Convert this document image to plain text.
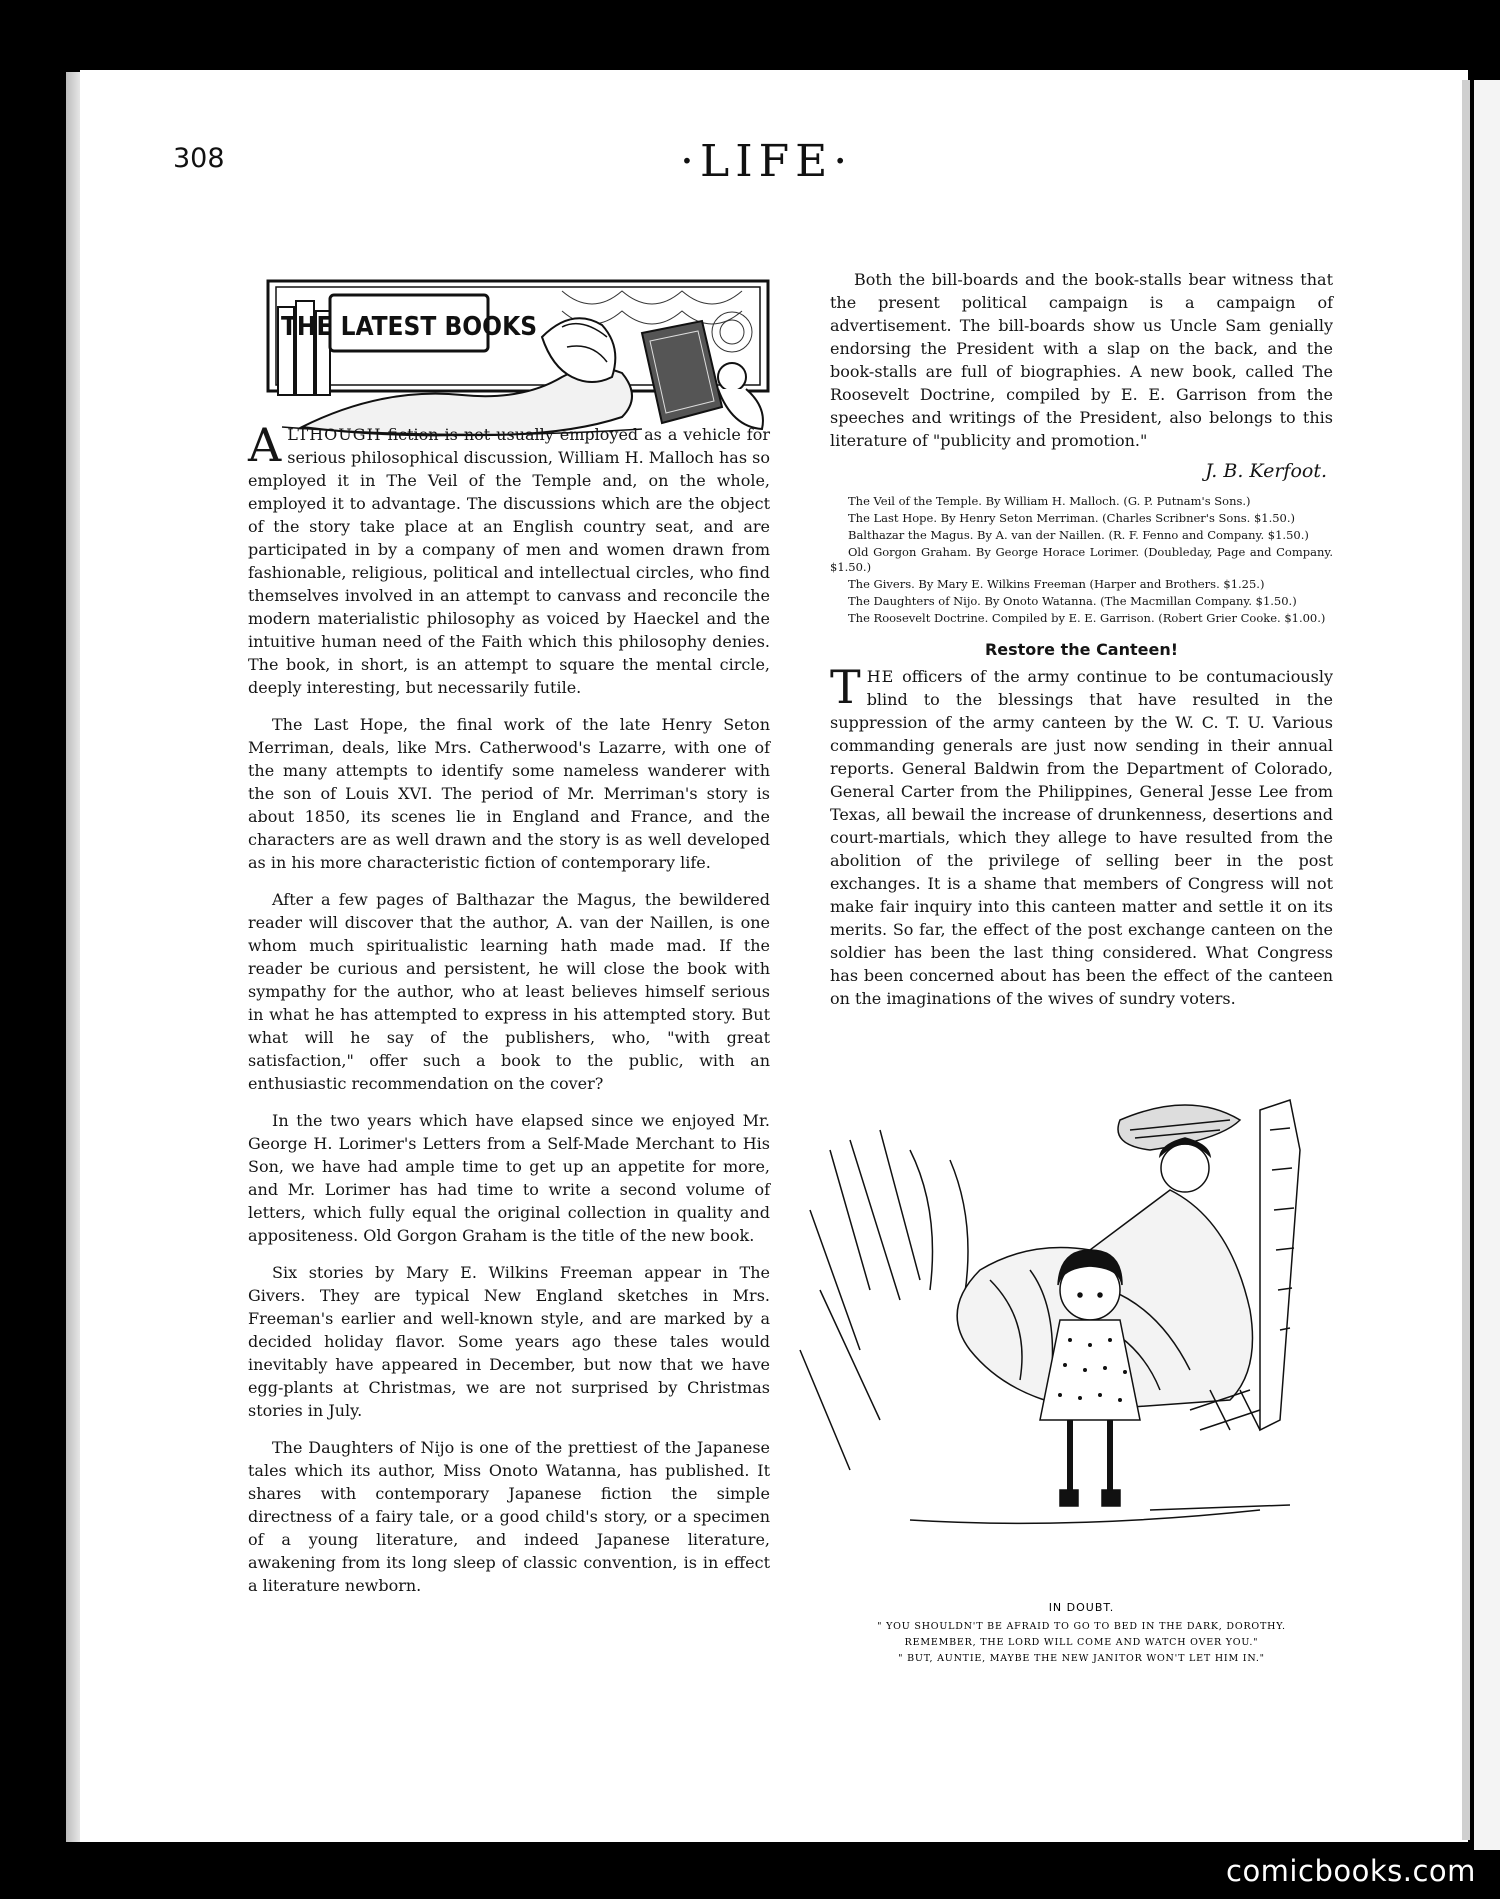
308	·LIFE·
THE LATEST BOOKS

ALTHOUGH fiction is not usually employed as a vehicle for serious philosophical discussion, William H. Malloch has so employed it in The Veil of the Temple and, on the whole, employed it to advantage. The discussions which are the object of the story take place at an English country seat, and are participated in by a company of men and women drawn from fashionable, religious, political and intellectual circles, who find themselves involved in an attempt to canvass and reconcile the modern materialistic philosophy as voiced by Haeckel and the intuitive human need of the Faith which this philosophy denies. The book, in short, is an attempt to square the mental circle, deeply interesting, but necessarily futile.

The Last Hope, the final work of the late Henry Seton Merriman, deals, like Mrs. Catherwood's Lazarre, with one of the many attempts to identify some nameless wanderer with the son of Louis XVI. The period of Mr. Merriman's story is about 1850, its scenes lie in England and France, and the characters are as well drawn and the story is as well developed as in his more characteristic fiction of contemporary life.

After a few pages of Balthazar the Magus, the bewildered reader will discover that the author, A. van der Naillen, is one whom much spiritualistic learning hath made mad. If the reader be curious and persistent, he will close the book with sympathy for the author, who at least believes himself serious in what he has attempted to express in his attempted story. But what will he say of the publishers, who, "with great satisfaction," offer such a book to the public, with an enthusiastic recommendation on the cover?

In the two years which have elapsed since we enjoyed Mr. George H. Lorimer's Letters from a Self-Made Merchant to His Son, we have had ample time to get up an appetite for more, and Mr. Lorimer has had time to write a second volume of letters, which fully equal the original collection in quality and appositeness. Old Gorgon Graham is the title of the new book.

Six stories by Mary E. Wilkins Freeman appear in The Givers. They are typical New England sketches in Mrs. Freeman's earlier and well-known style, and are marked by a decided holiday flavor. Some years ago these tales would inevitably have appeared in December, but now that we have egg-plants at Christmas, we are not surprised by Christmas stories in July.

The Daughters of Nijo is one of the prettiest of the Japanese tales which its author, Miss Onoto Watanna, has published. It shares with contemporary Japanese fiction the simple directness of a fairy tale, or a good child's story, or a specimen of a young literature, and indeed Japanese literature, awakening from its long sleep of classic convention, is in effect a literature newborn.

Both the bill-boards and the book-stalls bear witness that the present political campaign is a campaign of advertisement. The bill-boards show us Uncle Sam genially endorsing the President with a slap on the back, and the book-stalls are full of biographies. A new book, called The Roosevelt Doctrine, compiled by E. E. Garrison from the speeches and writings of the President, also belongs to this literature of "publicity and promotion."

J. B. Kerfoot.

The Veil of the Temple. By William H. Malloch. (G. P. Putnam's Sons.)

The Last Hope. By Henry Seton Merriman. (Charles Scribner's Sons. $1.50.)

Balthazar the Magus. By A. van der Naillen. (R. F. Fenno and Company. $1.50.)

Old Gorgon Graham. By George Horace Lorimer. (Doubleday, Page and Company. $1.50.)

The Givers. By Mary E. Wilkins Freeman (Harper and Brothers. $1.25.)

The Daughters of Nijo. By Onoto Watanna. (The Macmillan Company. $1.50.)

The Roosevelt Doctrine. Compiled by E. E. Garrison. (Robert Grier Cooke. $1.00.)

Restore the Canteen!

THE officers of the army continue to be contumaciously blind to the blessings that have resulted in the suppression of the army canteen by the W. C. T. U. Various commanding generals are just now sending in their annual reports. General Baldwin from the Department of Colorado, General Carter from the Philippines, General Jesse Lee from Texas, all bewail the increase of drunkenness, desertions and court-martials, which they allege to have resulted from the abolition of the privilege of selling beer in the post exchanges. It is a shame that members of Congress will not make fair inquiry into this canteen matter and settle it on its merits. So far, the effect of the post exchange canteen on the soldier has been the last thing considered. What Congress has been concerned about has been the effect of the canteen on the imaginations of the wives of sundry voters.

IN DOUBT.
" YOU SHOULDN'T BE AFRAID TO GO TO BED IN THE DARK, DOROTHY.
REMEMBER, THE LORD WILL COME AND WATCH OVER YOU."
" BUT, AUNTIE, MAYBE THE NEW JANITOR WON'T LET HIM IN."
comicbooks.com
